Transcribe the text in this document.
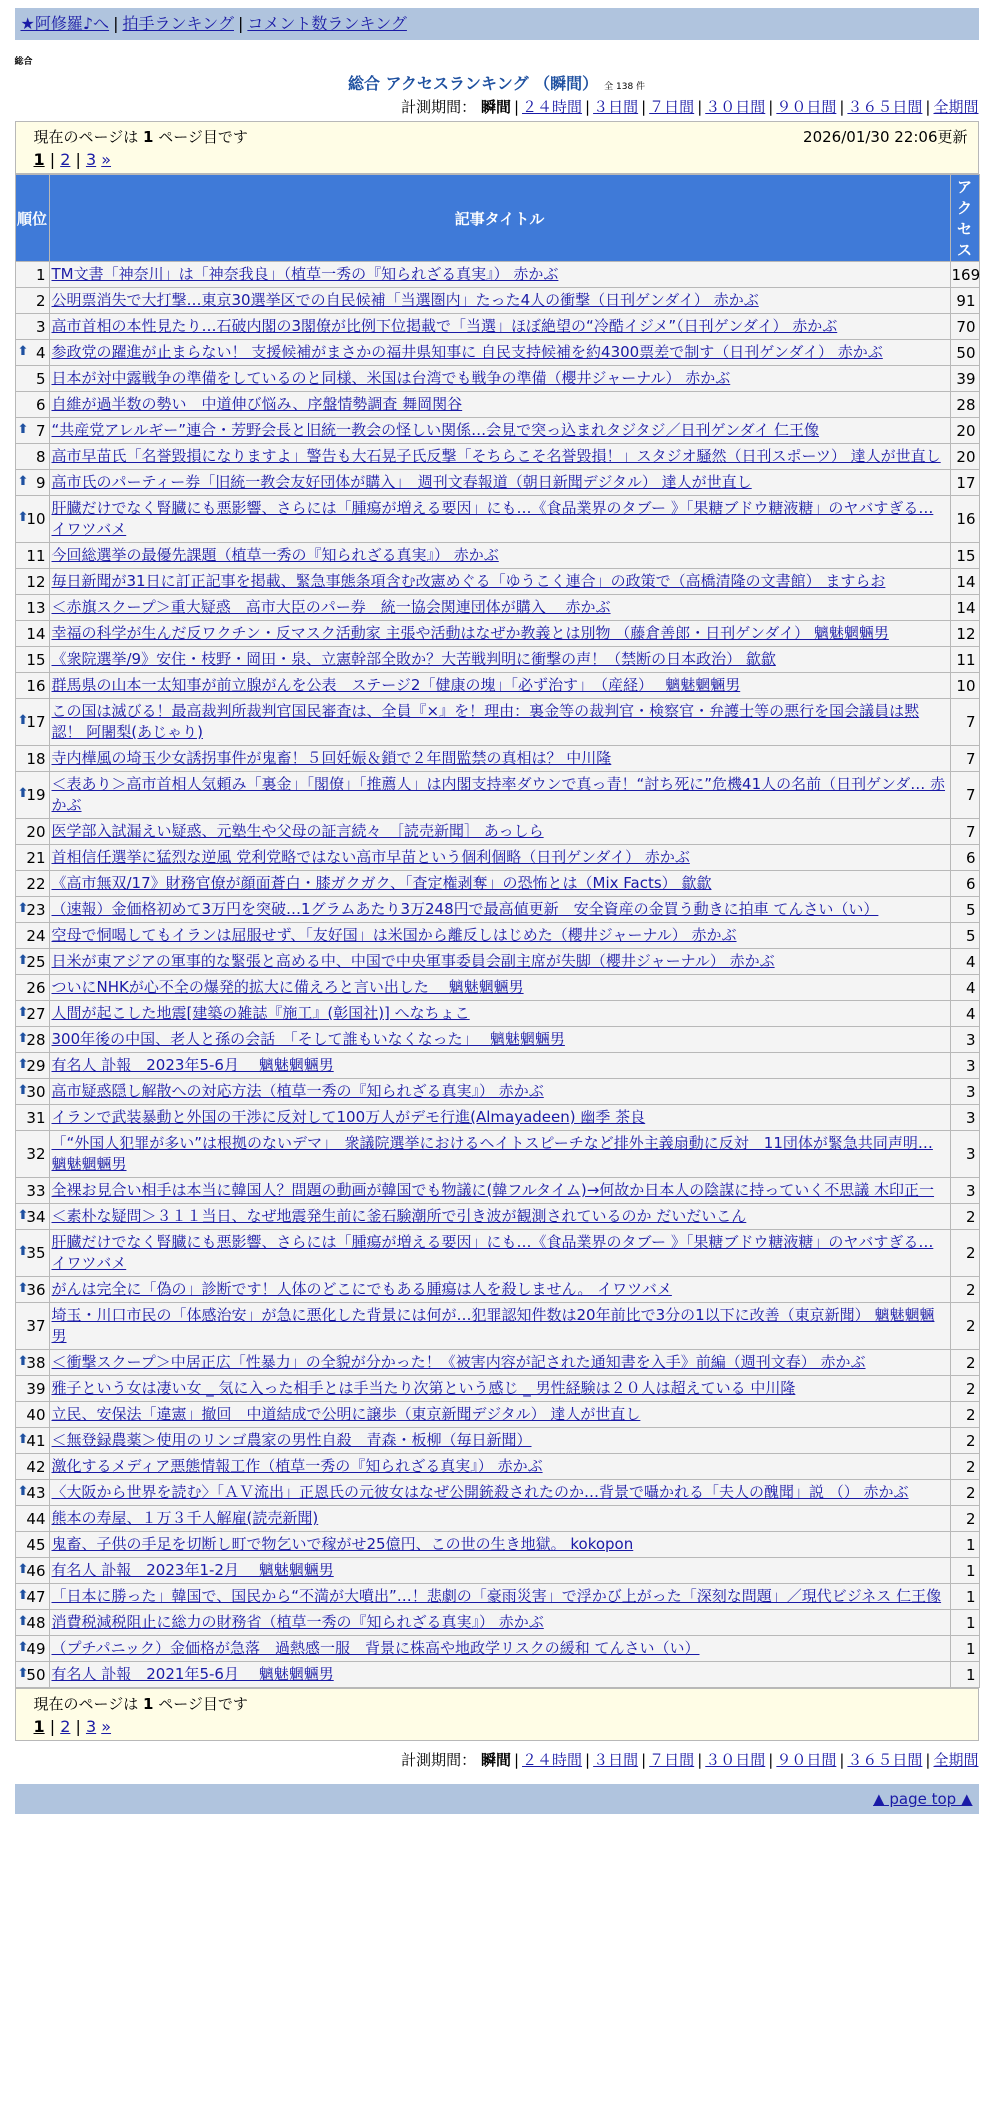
★阿修羅♪へ | 拍手ランキング | コメント数ランキング
総合
総合 アクセスランキング （瞬間） 全 138 件
計測期間： 瞬間 | ２４時間 | ３日間 | ７日間 | ３０日間 | ９０日間 | ３６５日間 | 全期間
現在のページは 1 ページ目です	2026/01/30 22:06更新
1 | 2 | 3 »
順位	記事タイトル	アクセス
1	TM文書「神奈川」は「神奈我良」（植草一秀の『知られざる真実』） 赤かぶ	169
2	公明票消失で大打撃…東京30選挙区での自民候補「当選圏内」たった4人の衝撃（日刊ゲンダイ） 赤かぶ	91
3	高市首相の本性見たり…石破内閣の3閣僚が比例下位掲載で「当選」ほぼ絶望の“冷酷イジメ”（日刊ゲンダイ） 赤かぶ	70

⬆ 4	参政党の躍進が止まらない！ 支援候補がまさかの福井県知事に 自民支持候補を約4300票差で制す（日刊ゲンダイ） 赤かぶ	50
5	日本が対中露戦争の準備をしているのと同様、米国は台湾でも戦争の準備（櫻井ジャーナル） 赤かぶ	39
6	自維が過半数の勢い　中道伸び悩み、序盤情勢調査 舞岡関谷	28

⬆ 7	“共産党アレルギー”連合・芳野会長と旧統一教会の怪しい関係…会見で突っ込まれタジタジ／日刊ゲンダイ 仁王像	20
8	高市早苗氏「名誉毀損になりますよ」警告も大石晃子氏反撃「そちらこそ名誉毀損！」スタジオ騒然（日刊スポーツ） 達人が世直し	20

⬆ 9	高市氏のパーティー券「旧統一教会友好団体が購入」　週刊文春報道（朝日新聞デジタル） 達人が世直し	17

⬆
10	肝臓だけでなく腎臓にも悪影響、さらには「腫瘍が増える要因」にも…《食品業界のタブー 》「果糖ブドウ糖液糖」のヤバすぎる… イワツバメ	16
11	今回総選挙の最優先課題（植草一秀の『知られざる真実』） 赤かぶ	15
12	毎日新聞が31日に訂正記事を掲載、緊急事態条項含む改憲めぐる「ゆうこく連合」の政策で（高橋清隆の文書館） ますらお	14
13	＜赤旗スクープ＞重大疑惑　高市大臣のパー券　統一協会関連団体が購入　 赤かぶ	14
14	幸福の科学が生んだ反ワクチン・反マスク活動家 主張や活動はなぜか教義とは別物 （藤倉善郎・日刊ゲンダイ） 魑魅魍魎男	12
15	《衆院選挙/9》安住・枝野・岡田・泉、立憲幹部全敗か？大苦戦判明に衝撃の声！（禁断の日本政治） 歙歙	11
16	群馬県の山本一太知事が前立腺がんを公表　ステージ2「健康の塊」「必ず治す」　（産経）　 魑魅魍魎男	10

⬆
17	この国は滅びる！最高裁判所裁判官国民審査は、全員『×』を！理由：裏金等の裁判官・検察官・弁護士等の悪行を国会議員は黙認！ 阿闍梨(あじゃり)	7
18	寺内樺風の埼玉少女誘拐事件が鬼畜！５回妊娠＆鎖で２年間監禁の真相は？ 中川隆	7

⬆
19	＜表あり＞高市首相人気頼み「裏金」「閣僚」「推薦人」は内閣支持率ダウンで真っ青！“討ち死に”危機41人の名前（日刊ゲンダ… 赤かぶ	7
20	医学部入試漏えい疑惑、元塾生や父母の証言続々　［読売新聞］ あっしら	7
21	首相信任選挙に猛烈な逆風 党利党略ではない高市早苗という個利個略（日刊ゲンダイ） 赤かぶ	6
22	《高市無双/17》財務官僚が顔面蒼白・膝ガクガク、「査定権剥奪」の恐怖とは（Mix Facts） 歙歙	6

⬆
23	（速報）金価格初めて3万円を突破…1グラムあたり3万248円で最高値更新　安全資産の金買う動きに拍車 てんさい（い）	5
24	空母で恫喝してもイランは屈服せず、「友好国」は米国から離反しはじめた（櫻井ジャーナル） 赤かぶ	5

⬆
25	日米が東アジアの軍事的な緊張と高める中、中国で中央軍事委員会副主席が失脚（櫻井ジャーナル） 赤かぶ	4
26	ついにNHKが心不全の爆発的拡大に備えろと言い出した　 魑魅魍魎男	4

⬆
27	人間が起こした地震[建築の雑誌『施工』(彰国社)] へなちょこ	4

⬆
28	300年後の中国、老人と孫の会話　「そして誰もいなくなった」　 魑魅魍魎男	3

⬆
29	有名人 訃報　2023年5-6月　 魑魅魍魎男	3

⬆
30	高市疑惑隠し解散への対応方法（植草一秀の『知られざる真実』） 赤かぶ	3
31	イランで武装暴動と外国の干渉に反対して100万人がデモ行進(Almayadeen) 幽季 茶良	3
32	「“外国人犯罪が多い”は根拠のないデマ」　衆議院選挙におけるヘイトスピーチなど排外主義扇動に反対　11団体が緊急共同声明… 魑魅魍魎男	3
33	全裸お見合い相手は本当に韓国人？問題の動画が韓国でも物議に(韓フルタイム)→何故か日本人の陰謀に持っていく不思議 木印正一	3

⬆
34	＜素朴な疑問＞３１１当日、なぜ地震発生前に釜石験潮所で引き波が観測されているのか だいだいこん	2

⬆
35	肝臓だけでなく腎臓にも悪影響、さらには「腫瘍が増える要因」にも…《食品業界のタブー 》「果糖ブドウ糖液糖」のヤバすぎる… イワツバメ	2

⬆
36	がんは完全に「偽の」診断です！人体のどこにでもある腫瘍は人を殺しません。 イワツバメ	2
37	埼玉・川口市民の「体感治安」が急に悪化した背景には何が…犯罪認知件数は20年前比で3分の1以下に改善（東京新聞） 魑魅魍魎男	2

⬆
38	＜衝撃スクープ＞中居正広「性暴力」の全貌が分かった！《被害内容が記された通知書を入手》前編（週刊文春） 赤かぶ	2
39	雅子という女は凄い女 _ 気に入った相手とは手当たり次第という感じ _ 男性経験は２０人は超えている 中川隆	2
40	立民、安保法「違憲」撤回　中道結成で公明に譲歩（東京新聞デジタル） 達人が世直し	2

⬆
41	＜無登録農薬＞使用のリンゴ農家の男性自殺　青森・板柳（毎日新聞）	2
42	激化するメディア悪態情報工作（植草一秀の『知られざる真実』） 赤かぶ	2

⬆
43	〈大阪から世界を読む〉「ＡＶ流出」正恩氏の元彼女はなぜ公開銃殺されたのか…背景で囁かれる「夫人の醜聞」説 （） 赤かぶ	2
44	熊本の寿屋、１万３千人解雇(読売新聞)	2
45	鬼畜、子供の手足を切断し町で物乞いで稼がせ25億円、この世の生き地獄。 kokopon	1

⬆
46	有名人 訃報　2023年1-2月　 魑魅魍魎男	1

⬆
47	「日本に勝った」韓国で、国民から“不満が大噴出”…！悲劇の「豪雨災害」で浮かび上がった「深刻な問題」／現代ビジネス 仁王像	1

⬆
48	消費税減税阻止に総力の財務省（植草一秀の『知られざる真実』） 赤かぶ	1

⬆
49	（プチパニック）金価格が急落　過熱感一服　背景に株高や地政学リスクの緩和 てんさい（い）	1

⬆
50	有名人 訃報　2021年5-6月　 魑魅魍魎男	1
現在のページは 1 ページ目です
1 | 2 | 3 »
計測期間： 瞬間 | ２４時間 | ３日間 | ７日間 | ３０日間 | ９０日間 | ３６５日間 | 全期間
▲ page top ▲
